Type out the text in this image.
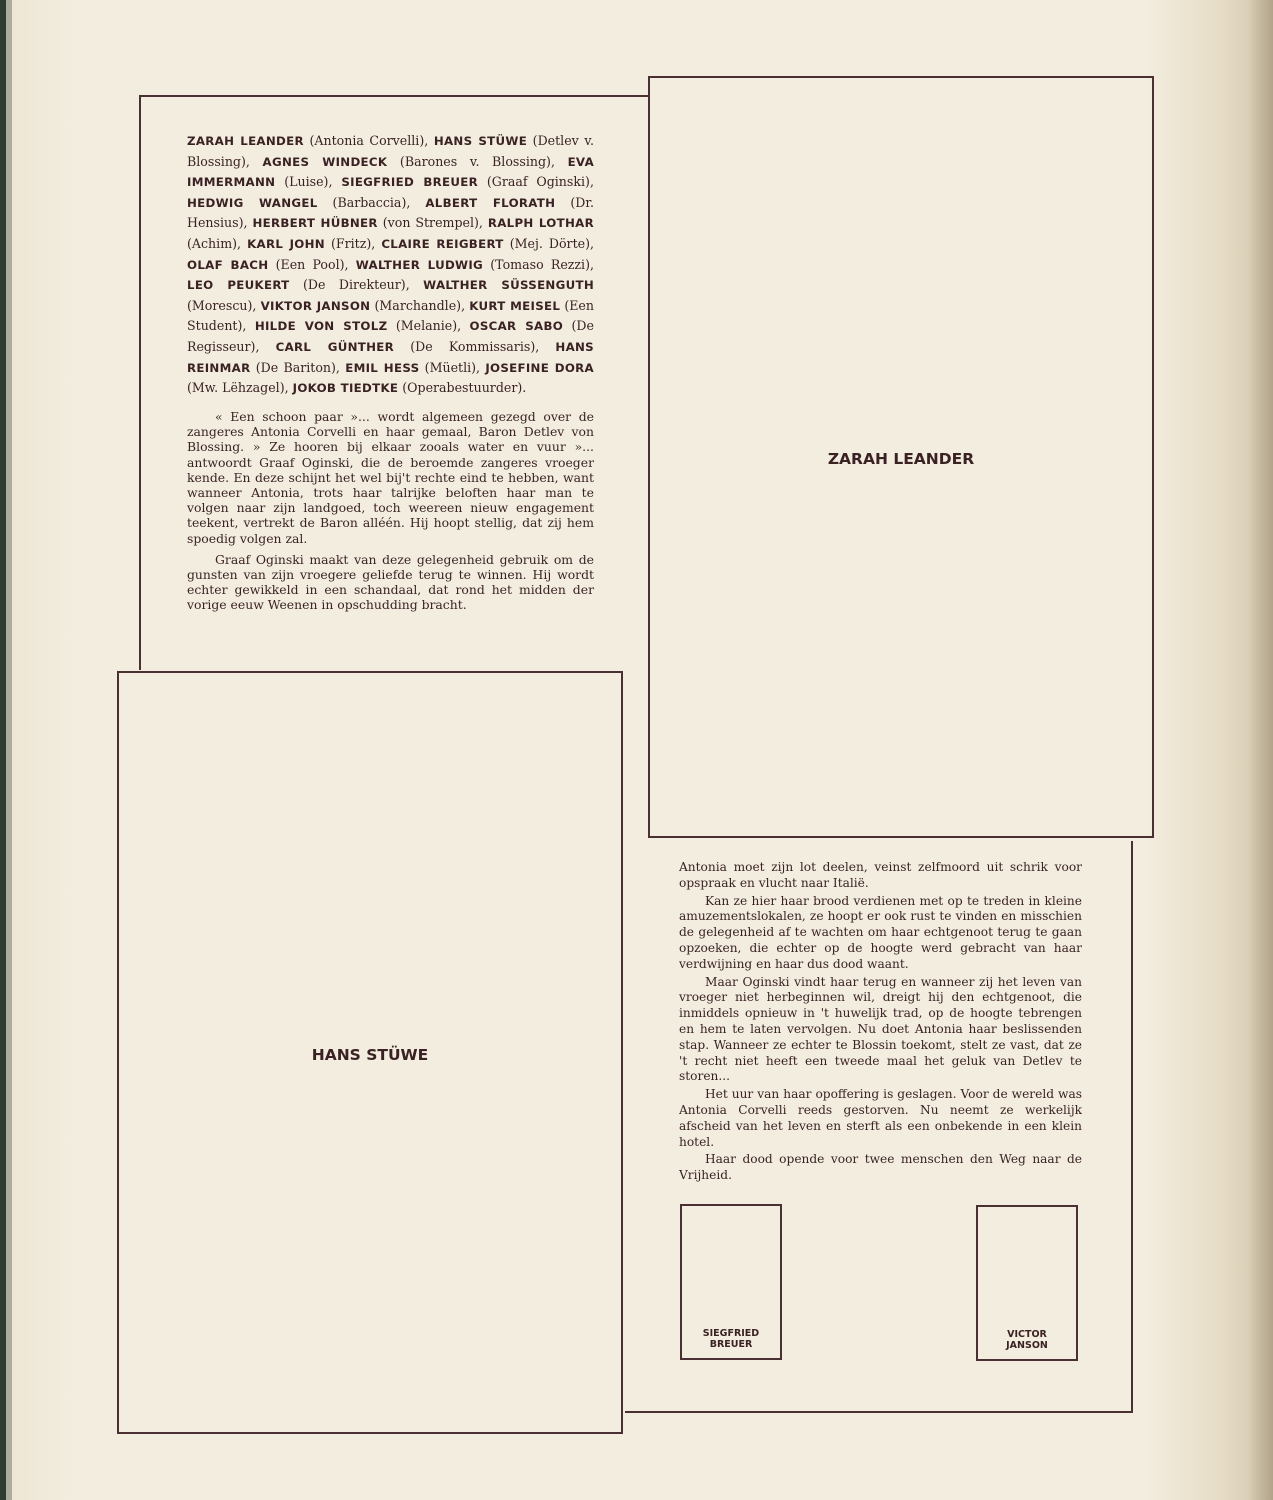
ZARAH LEANDER (Antonia Corvelli), HANS STÜWE (Detlev v. Blossing), AGNES WINDECK (Barones v. Blossing), EVA IMMERMANN (Luise), SIEGFRIED BREUER (Graaf Oginski), HEDWIG WANGEL (Barbaccia), ALBERT FLORATH (Dr. Hensius), HERBERT HÜBNER (von Strempel), RALPH LOTHAR (Achim), KARL JOHN (Fritz), CLAIRE REIGBERT (Mej. Dörte), OLAF BACH (Een Pool), WALTHER LUDWIG (Tomaso Rezzi), LEO PEUKERT (De Direkteur), WALTHER SÜSSENGUTH (Morescu), VIKTOR JANSON (Marchandle), KURT MEISEL (Een Student), HILDE VON STOLZ (Melanie), OSCAR SABO (De Regisseur), CARL GÜNTHER (De Kommissaris), HANS REINMAR (De Bariton), EMIL HESS (Müetli), JOSEFINE DORA (Mw. Lëhzagel), JOKOB TIEDTKE (Operabestuurder).

« Een schoon paar »... wordt algemeen gezegd over de zangeres Antonia Corvelli en haar gemaal, Baron Detlev von Blossing. » Ze hooren bij elkaar zooals water en vuur »... antwoordt Graaf Oginski, die de beroemde zangeres vroeger kende. En deze schijnt het wel bij't rechte eind te hebben, want wanneer Antonia, trots haar talrijke beloften haar man te volgen naar zijn landgoed, toch weereen nieuw engagement teekent, vertrekt de Baron alléén. Hij hoopt stellig, dat zij hem spoedig volgen zal.

Graaf Oginski maakt van deze gelegenheid gebruik om de gunsten van zijn vroegere geliefde terug te winnen. Hij wordt echter gewikkeld in een schandaal, dat rond het midden der vorige eeuw Weenen in opschudding bracht.

ZARAH LEANDER
HANS STÜWE

Antonia moet zijn lot deelen, veinst zelfmoord uit schrik voor opspraak en vlucht naar Italië.

Kan ze hier haar brood verdienen met op te treden in kleine amuzementslokalen, ze hoopt er ook rust te vinden en misschien de gelegenheid af te wachten om haar echtgenoot terug te gaan opzoeken, die echter op de hoogte werd gebracht van haar verdwijning en haar dus dood waant.

Maar Oginski vindt haar terug en wanneer zij het leven van vroeger niet herbeginnen wil, dreigt hij den echtgenoot, die inmiddels opnieuw in 't huwelijk trad, op de hoogte tebrengen en hem te laten vervolgen. Nu doet Antonia haar beslissenden stap. Wanneer ze echter te Blossin toekomt, stelt ze vast, dat ze 't recht niet heeft een tweede maal het geluk van Detlev te storen...

Het uur van haar opoffering is geslagen. Voor de wereld was Antonia Corvelli reeds gestorven. Nu neemt ze werkelijk afscheid van het leven en sterft als een onbekende in een klein hotel.

Haar dood opende voor twee menschen den Weg naar de Vrijheid.

SIEGFRIED
BREUER
VICTOR
JANSON
